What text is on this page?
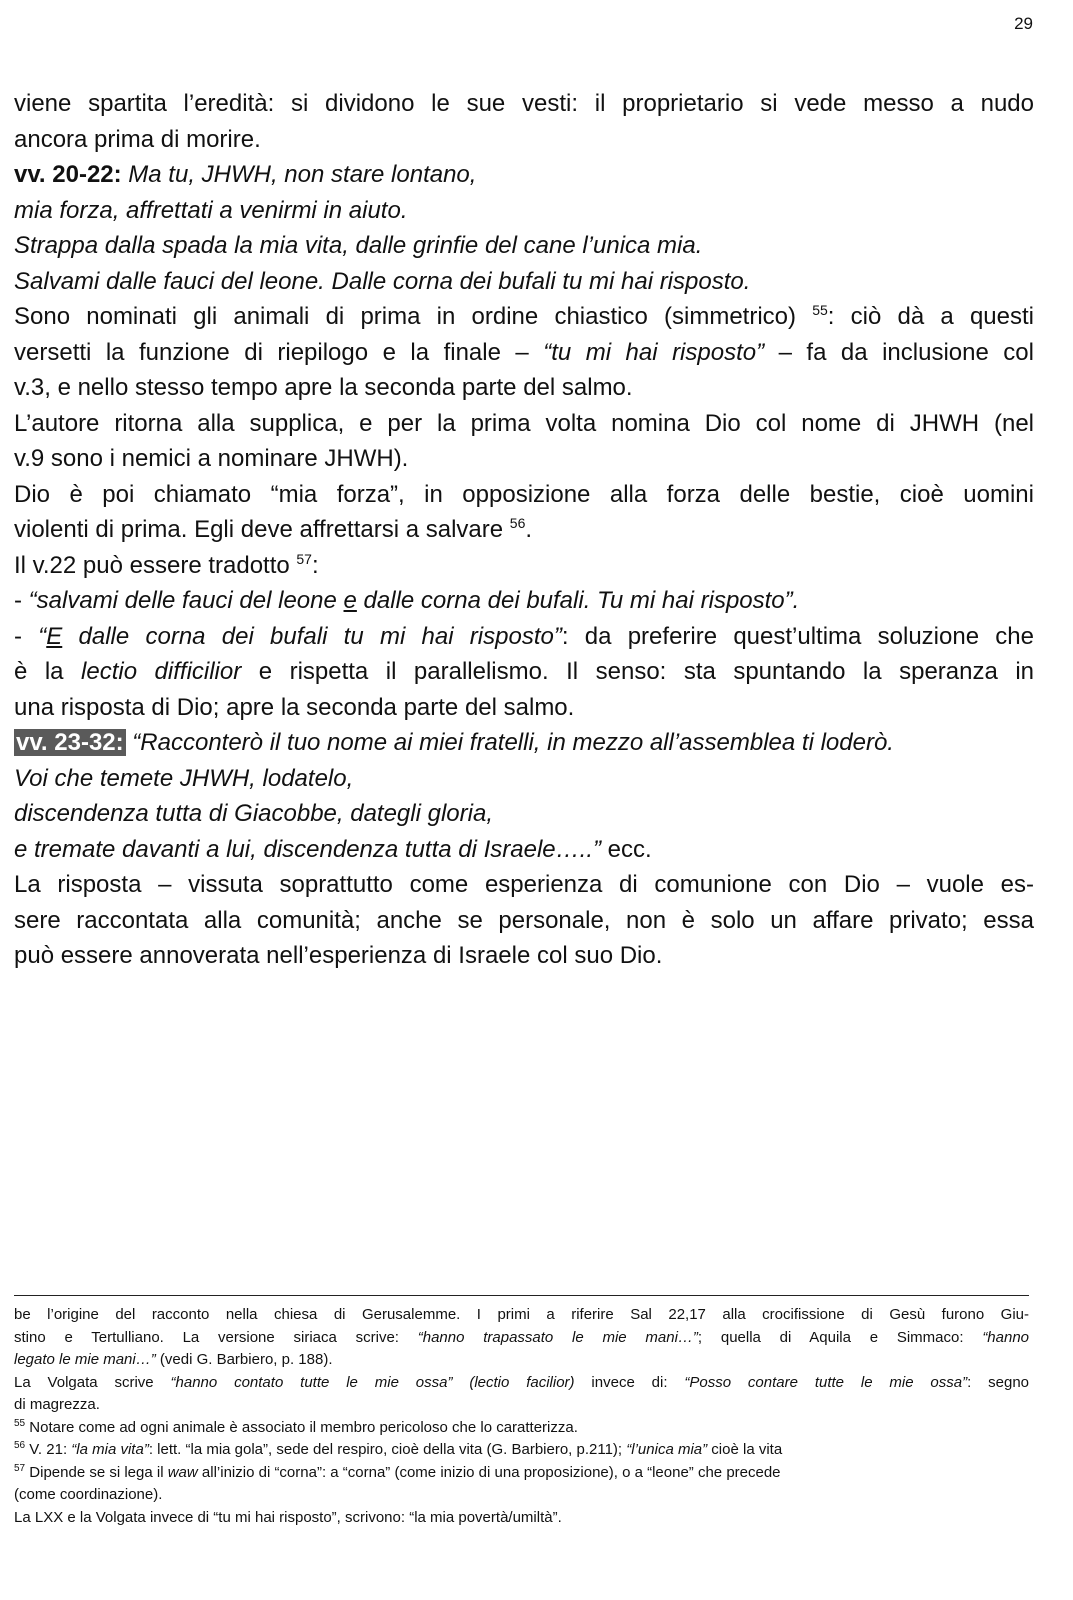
29

viene spartita l’eredità: si dividono le sue vesti: il proprietario si vede messo a nudo

ancora prima di morire.

vv. 20-22: Ma tu, JHWH, non stare lontano,

mia forza, affrettati a venirmi in aiuto.

Strappa dalla spada la mia vita, dalle grinfie del cane l’unica mia.

Salvami dalle fauci del leone. Dalle corna dei bufali tu mi hai risposto.

Sono nominati gli animali di prima in ordine chiastico (simmetrico) $^{55}$: ciò dà a questi

versetti la funzione di riepilogo e la finale – “tu mi hai risposto” – fa da inclusione col

v.3, e nello stesso tempo apre la seconda parte del salmo.

L’autore ritorna alla supplica, e per la prima volta nomina Dio col nome di JHWH (nel

v.9 sono i nemici a nominare JHWH).

Dio è poi chiamato “mia forza”, in opposizione alla forza delle bestie, cioè uomini

violenti di prima. Egli deve affrettarsi a salvare $^{56}$.

Il v.22 può essere tradotto $^{57}$:

- “salvami delle fauci del leone e dalle corna dei bufali. Tu mi hai risposto”.

- “E dalle corna dei bufali tu mi hai risposto”: da preferire quest’ultima soluzione che

è la lectio difficilior e rispetta il parallelismo. Il senso: sta spuntando la speranza in

una risposta di Dio; apre la seconda parte del salmo.

vv. 23-32: “Racconterò il tuo nome ai miei fratelli, in mezzo all’assemblea ti loderò.

Voi che temete JHWH, lodatelo,

discendenza tutta di Giacobbe, dategli gloria,

e tremate davanti a lui, discendenza tutta di Israele…..” ecc.

La risposta – vissuta soprattutto come esperienza di comunione con Dio – vuole es-

sere raccontata alla comunità; anche se personale, non è solo un affare privato; essa

può essere annoverata nell’esperienza di Israele col suo Dio.

be l’origine del racconto nella chiesa di Gerusalemme. I primi a riferire Sal 22,17 alla crocifissione di Gesù furono Giu-

stino e Tertulliano. La versione siriaca scrive: “hanno trapassato le mie mani…”; quella di Aquila e Simmaco: “hanno

legato le mie mani…” (vedi G. Barbiero, p. 188).

La Volgata scrive “hanno contato tutte le mie ossa” (lectio facilior) invece di: “Posso contare tutte le mie ossa”: segno

di magrezza.

$^{55}$ Notare come ad ogni animale è associato il membro pericoloso che lo caratterizza.

$^{56}$ V. 21: “la mia vita”: lett. “la mia gola”, sede del respiro, cioè della vita (G. Barbiero, p.211); “l’unica mia” cioè la vita

$^{57}$ Dipende se si lega il waw all’inizio di “corna”: a “corna” (come inizio di una proposizione), o a “leone” che precede

(come coordinazione).

La LXX e la Volgata invece di “tu mi hai risposto”, scrivono: “la mia povertà/umiltà”.
